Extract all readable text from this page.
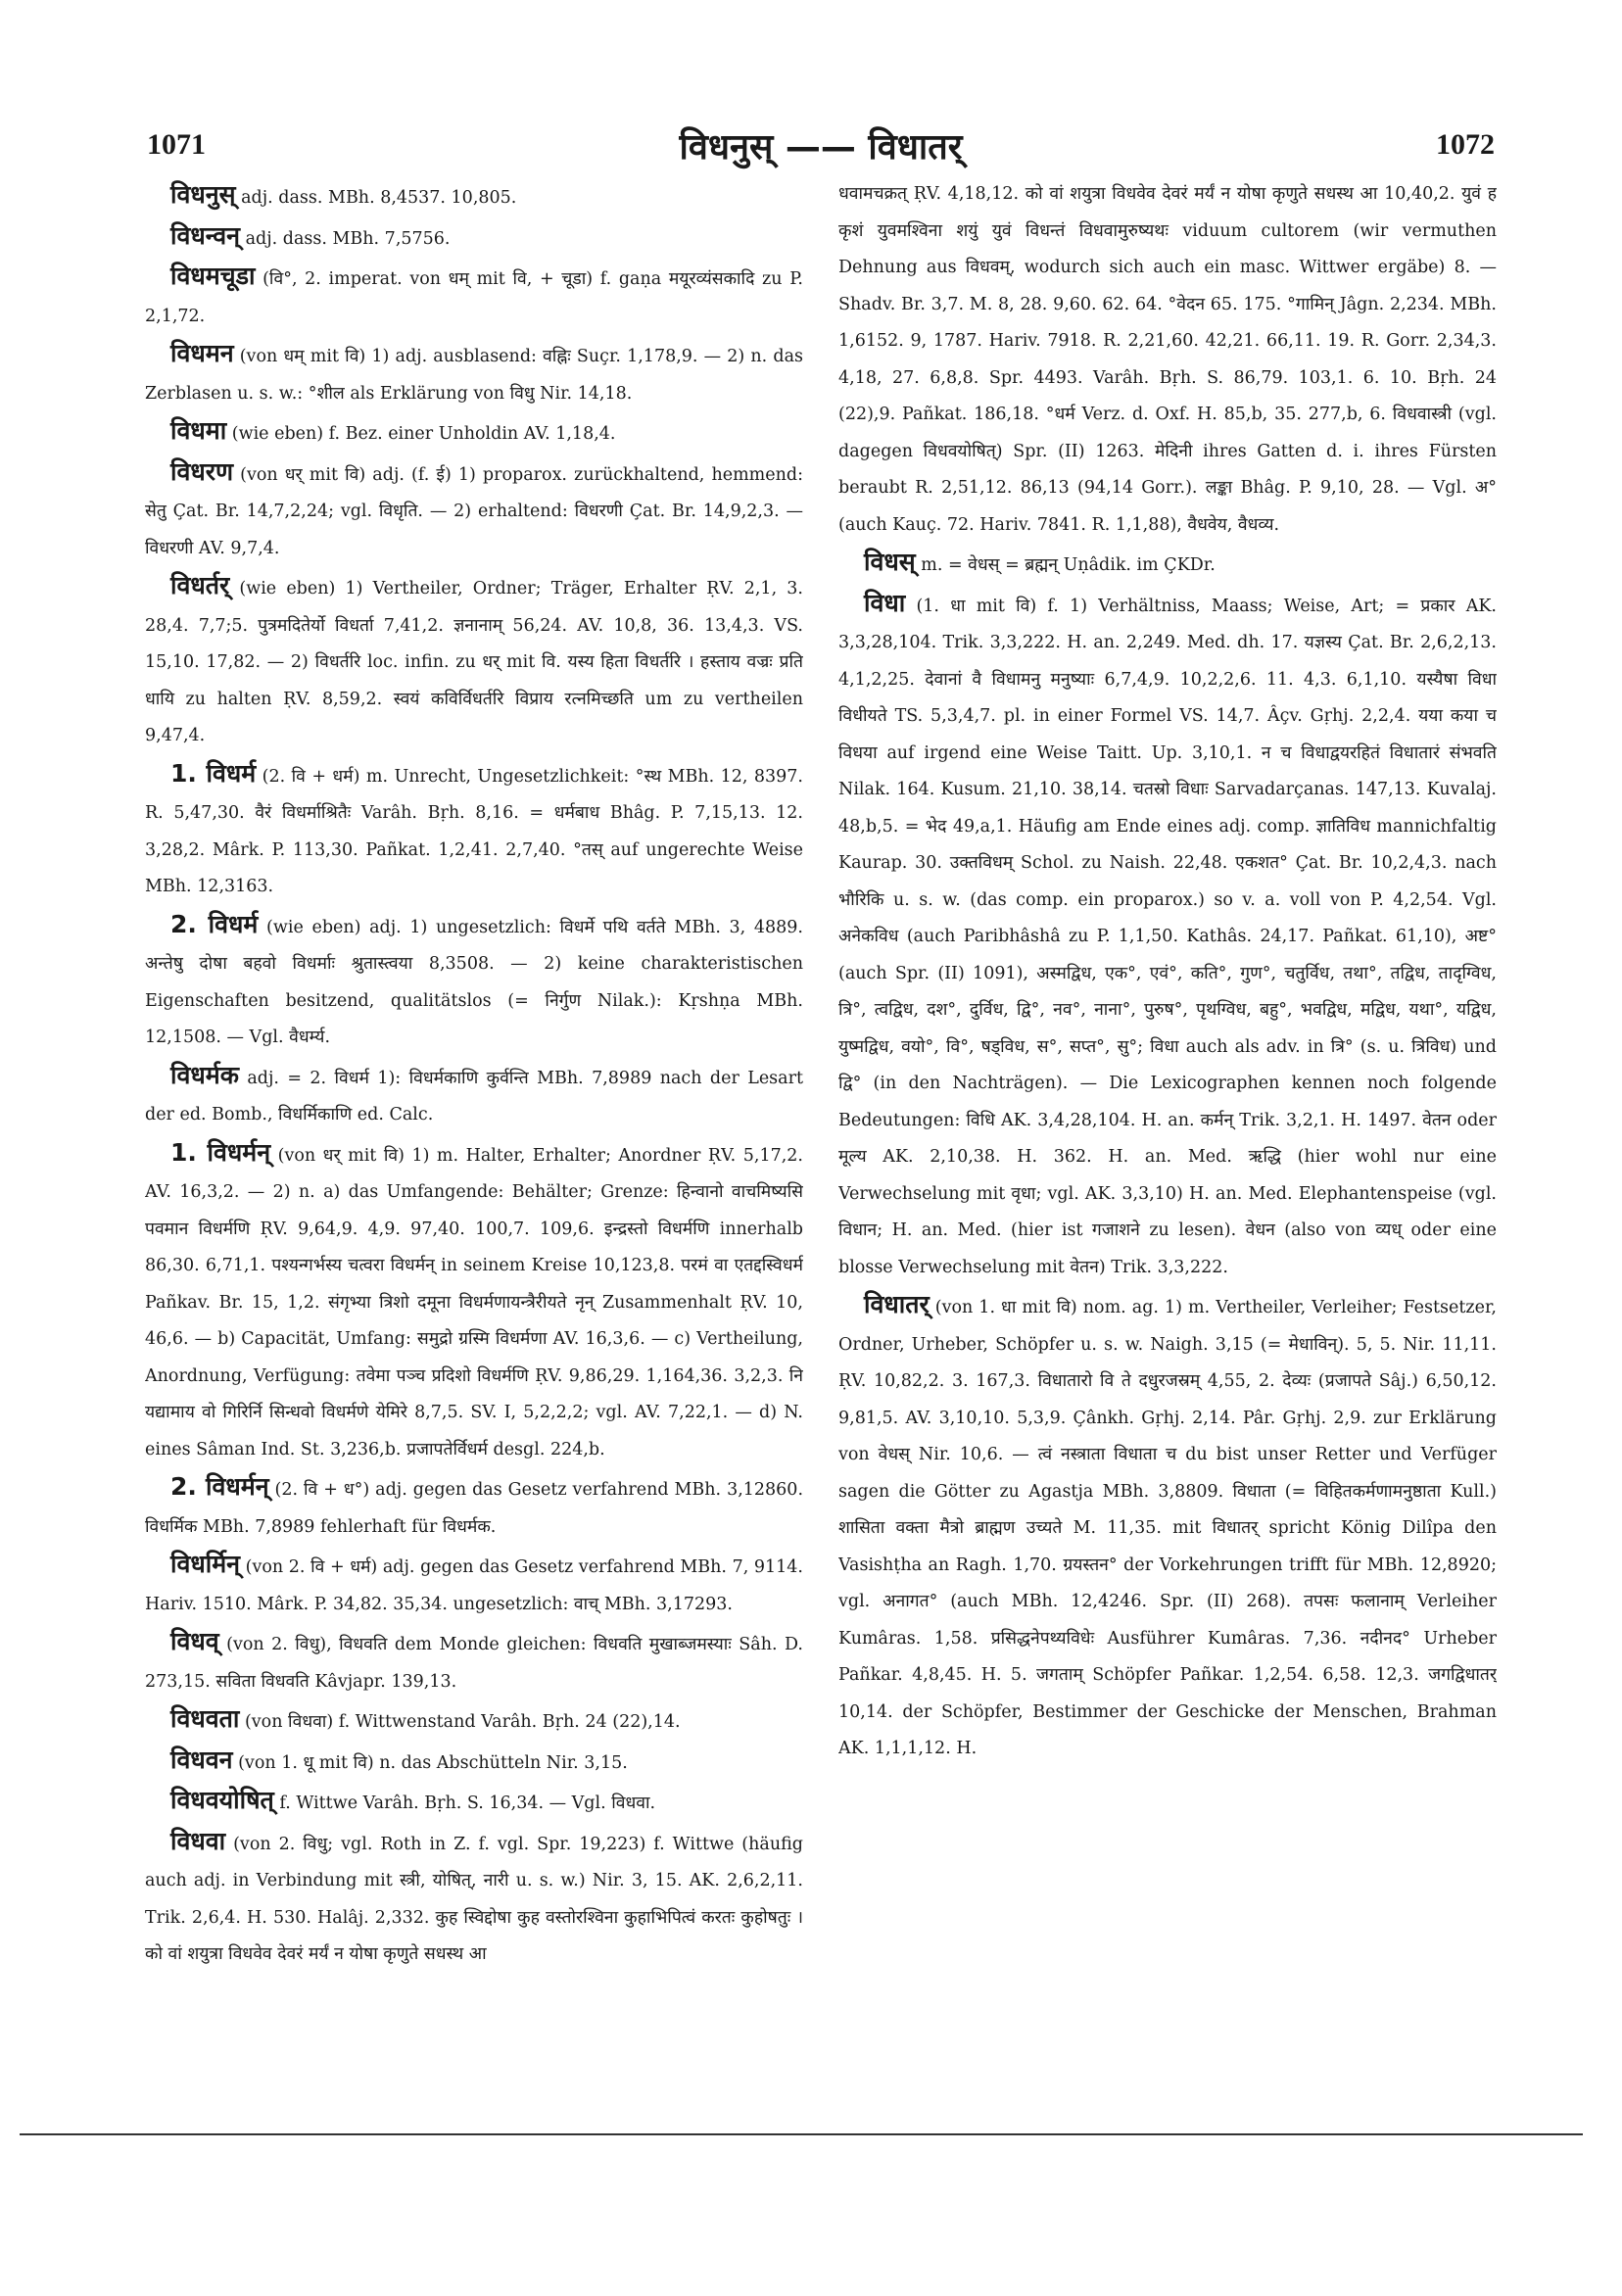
1071	विधनुस् —— विधातर्	1072

विधनुस् adj. dass. MBh. 8,4537. 10,805.

विधन्वन् adj. dass. MBh. 7,5756.

विधमचूडा (वि°, 2. imperat. von धम् mit वि, + चूडा) f. gaṇa मयूरव्यंसकादि zu P. 2,1,72.

विधमन (von धम् mit वि) 1) adj. ausblasend: वह्निः Suçr. 1,178,9. — 2) n. das Zerblasen u. s. w.: °शील als Erklärung von विधु Nir. 14,18.

विधमा (wie eben) f. Bez. einer Unholdin AV. 1,18,4.

विधरण (von धर् mit वि) adj. (f. ई) 1) proparox. zurückhaltend, hemmend: सेतु Çat. Br. 14,7,2,24; vgl. विधृति. — 2) erhaltend: विधरणी Çat. Br. 14,9,2,3. — विधरणी AV. 9,7,4.

विधर्तर् (wie eben) 1) Vertheiler, Ordner; Träger, Erhalter ṚV. 2,1, 3. 28,4. 7,7;5. पुत्रमदितेर्यो विधर्ता 7,41,2. ज्ञनानाम् 56,24. AV. 10,8, 36. 13,4,3. VS. 15,10. 17,82. — 2) विधर्तरि loc. infin. zu धर् mit वि. यस्य हिता विधर्तरि । हस्ताय वज्रः प्रति धायि zu halten ṚV. 8,59,2. स्वयं कविर्विधर्तरि विप्राय रत्नमिच्छति um zu vertheilen 9,47,4.

1. विधर्म (2. वि + धर्म) m. Unrecht, Ungesetzlichkeit: °स्थ MBh. 12, 8397. R. 5,47,30. वैरं विधर्माश्रितैः Varâh. Bṛh. 8,16. = धर्मबाध Bhâg. P. 7,15,13. 12. 3,28,2. Mârk. P. 113,30. Pañkat. 1,2,41. 2,7,40. °तस् auf ungerechte Weise MBh. 12,3163.

2. विधर्म (wie eben) adj. 1) ungesetzlich: विधर्मे पथि वर्तते MBh. 3, 4889. अन्तेषु दोषा बहवो विधर्माः श्रुतास्त्वया 8,3508. — 2) keine charakteristischen Eigenschaften besitzend, qualitätslos (= निर्गुण Nilak.): Kṛshṇa MBh. 12,1508. — Vgl. वैधर्म्य.

विधर्मक adj. = 2. विधर्म 1): विधर्मकाणि कुर्वन्ति MBh. 7,8989 nach der Lesart der ed. Bomb., विधर्मिकाणि ed. Calc.

1. विधर्मन् (von धर् mit वि) 1) m. Halter, Erhalter; Anordner ṚV. 5,17,2. AV. 16,3,2. — 2) n. a) das Umfangende: Behälter; Grenze: हिन्वानो वाचमिष्यसि पवमान विधर्मणि ṚV. 9,64,9. 4,9. 97,40. 100,7. 109,6. इन्द्रस्तो विधर्मणि innerhalb 86,30. 6,71,1. पश्यन्गर्भस्य चत्वरा विधर्मन् in seinem Kreise 10,123,8. परमं वा एतद्दस्विधर्म Pañkav. Br. 15, 1,2. संगृभ्या त्रिशो दमूना विधर्मणायन्त्रैरीयते नृन् Zusammenhalt ṚV. 10, 46,6. — b) Capacität, Umfang: समुद्रो ग्रस्मि विधर्मणा AV. 16,3,6. — c) Vertheilung, Anordnung, Verfügung: तवेमा पञ्च प्रदिशो विधर्मणि ṚV. 9,86,29. 1,164,36. 3,2,3. नि यद्यामाय वो गिरिर्नि सिन्धवो विधर्मणे येमिरे 8,7,5. SV. I, 5,2,2,2; vgl. AV. 7,22,1. — d) N. eines Sâman Ind. St. 3,236,b. प्रजापतेर्विधर्म desgl. 224,b.

2. विधर्मन् (2. वि + ध°) adj. gegen das Gesetz verfahrend MBh. 3,12860. विधर्मिक MBh. 7,8989 fehlerhaft für विधर्मक.

विधर्मिन् (von 2. वि + धर्म) adj. gegen das Gesetz verfahrend MBh. 7, 9114. Hariv. 1510. Mârk. P. 34,82. 35,34. ungesetzlich: वाच् MBh. 3,17293.

विधव् (von 2. विधु), विधवति dem Monde gleichen: विधवति मुखाब्जमस्याः Sâh. D. 273,15. सविता विधवति Kâvjapr. 139,13.

विधवता (von विधवा) f. Wittwenstand Varâh. Bṛh. 24 (22),14.

विधवन (von 1. धू mit वि) n. das Abschütteln Nir. 3,15.

विधवयोषित् f. Wittwe Varâh. Bṛh. S. 16,34. — Vgl. विधवा.

विधवा (von 2. विधु; vgl. Roth in Z. f. vgl. Spr. 19,223) f. Wittwe (häufig auch adj. in Verbindung mit स्त्री, योषित्, नारी u. s. w.) Nir. 3, 15. AK. 2,6,2,11. Trik. 2,6,4. H. 530. Halâj. 2,332. कुह स्विद्दोषा कुह वस्तोरश्विना कुहाभिपित्वं करतः कुहोषतुः । को वां शयुत्रा विधवेव देवरं मर्यं न योषा कृणुते सधस्थ आ

धवामचक्रत् ṚV. 4,18,12. को वां शयुत्रा विधवेव देवरं मर्यं न योषा कृणुते सधस्थ आ 10,40,2. युवं ह कृशं युवमश्विना शयुं युवं विधन्तं विधवामुरुष्यथः viduum cultorem (wir vermuthen Dehnung aus विधवम्, wodurch sich auch ein masc. Wittwer ergäbe) 8. — Shadv. Br. 3,7. M. 8, 28. 9,60. 62. 64. °वेदन 65. 175. °गामिन् Jâgn. 2,234. MBh. 1,6152. 9, 1787. Hariv. 7918. R. 2,21,60. 42,21. 66,11. 19. R. Gorr. 2,34,3. 4,18, 27. 6,8,8. Spr. 4493. Varâh. Bṛh. S. 86,79. 103,1. 6. 10. Bṛh. 24 (22),9. Pañkat. 186,18. °धर्म Verz. d. Oxf. H. 85,b, 35. 277,b, 6. विधवास्त्री (vgl. dagegen विधवयोषित्) Spr. (II) 1263. मेदिनी ihres Gatten d. i. ihres Fürsten beraubt R. 2,51,12. 86,13 (94,14 Gorr.). लङ्का Bhâg. P. 9,10, 28. — Vgl. अ° (auch Kauç. 72. Hariv. 7841. R. 1,1,88), वैधवेय, वैधव्य.

विधस् m. = वेधस् = ब्रह्मन् Uṇâdik. im ÇKDr.

विधा (1. धा mit वि) f. 1) Verhältniss, Maass; Weise, Art; = प्रकार AK. 3,3,28,104. Trik. 3,3,222. H. an. 2,249. Med. dh. 17. यज्ञस्य Çat. Br. 2,6,2,13. 4,1,2,25. देवानां वै विधामनु मनुष्याः 6,7,4,9. 10,2,2,6. 11. 4,3. 6,1,10. यस्यैषा विधा विधीयते TS. 5,3,4,7. pl. in einer Formel VS. 14,7. Âçv. Gṛhj. 2,2,4. यया कया च विधया auf irgend eine Weise Taitt. Up. 3,10,1. न च विधाद्वयरहितं विधातारं संभवति Nilak. 164. Kusum. 21,10. 38,14. चतस्रो विधाः Sarvadarçanas. 147,13. Kuvalaj. 48,b,5. = भेद 49,a,1. Häufig am Ende eines adj. comp. ज्ञातिविध mannichfaltig Kaurap. 30. उक्तविधम् Schol. zu Naish. 22,48. एकशत° Çat. Br. 10,2,4,3. nach भौरिकि u. s. w. (das comp. ein proparox.) so v. a. voll von P. 4,2,54. Vgl. अनेकविध (auch Paribhâshâ zu P. 1,1,50. Kathâs. 24,17. Pañkat. 61,10), अष्ट° (auch Spr. (II) 1091), अस्मद्विध, एक°, एवं°, कति°, गुण°, चतुर्विध, तथा°, तद्विध, तादृग्विध, त्रि°, त्वद्विध, दश°, दुर्विध, द्वि°, नव°, नाना°, पुरुष°, पृथग्विध, बहु°, भवद्विध, मद्विध, यथा°, यद्विध, युष्मद्विध, वयो°, वि°, षड्विध, स°, सप्त°, सु°; विधा auch als adv. in त्रि° (s. u. त्रिविध) und द्वि° (in den Nachträgen). — Die Lexicographen kennen noch folgende Bedeutungen: विधि AK. 3,4,28,104. H. an. कर्मन् Trik. 3,2,1. H. 1497. वेतन oder मूल्य AK. 2,10,38. H. 362. H. an. Med. ऋद्धि (hier wohl nur eine Verwechselung mit वृधा; vgl. AK. 3,3,10) H. an. Med. Elephantenspeise (vgl. विधान; H. an. Med. (hier ist गजाशने zu lesen). वेधन (also von व्यध् oder eine blosse Verwechselung mit वेतन) Trik. 3,3,222.

विधातर् (von 1. धा mit वि) nom. ag. 1) m. Vertheiler, Verleiher; Festsetzer, Ordner, Urheber, Schöpfer u. s. w. Naigh. 3,15 (= मेधाविन्). 5, 5. Nir. 11,11. ṚV. 10,82,2. 3. 167,3. विधातारो वि ते दधुरजस्रम् 4,55, 2. देव्यः (प्रजापते Sâj.) 6,50,12. 9,81,5. AV. 3,10,10. 5,3,9. Çânkh. Gṛhj. 2,14. Pâr. Gṛhj. 2,9. zur Erklärung von वेधस् Nir. 10,6. — त्वं नस्त्राता विधाता च du bist unser Retter und Verfüger sagen die Götter zu Agastja MBh. 3,8809. विधाता (= विहितकर्मणामनुष्ठाता Kull.) शासिता वक्ता मैत्रो ब्राह्मण उच्यते M. 11,35. mit विधातर् spricht König Dilîpa den Vasishṭha an Ragh. 1,70. ग्रयस्तन° der Vorkehrungen trifft für MBh. 12,8920; vgl. अनागत° (auch MBh. 12,4246. Spr. (II) 268). तपसः फलानाम् Verleiher Kumâras. 1,58. प्रसिद्धनेपथ्यविधेः Ausführer Kumâras. 7,36. नदीनद° Urheber Pañkar. 4,8,45. H. 5. जगताम् Schöpfer Pañkar. 1,2,54. 6,58. 12,3. जगद्विधातर् 10,14. der Schöpfer, Bestimmer der Geschicke der Menschen, Brahman AK. 1,1,1,12. H.
